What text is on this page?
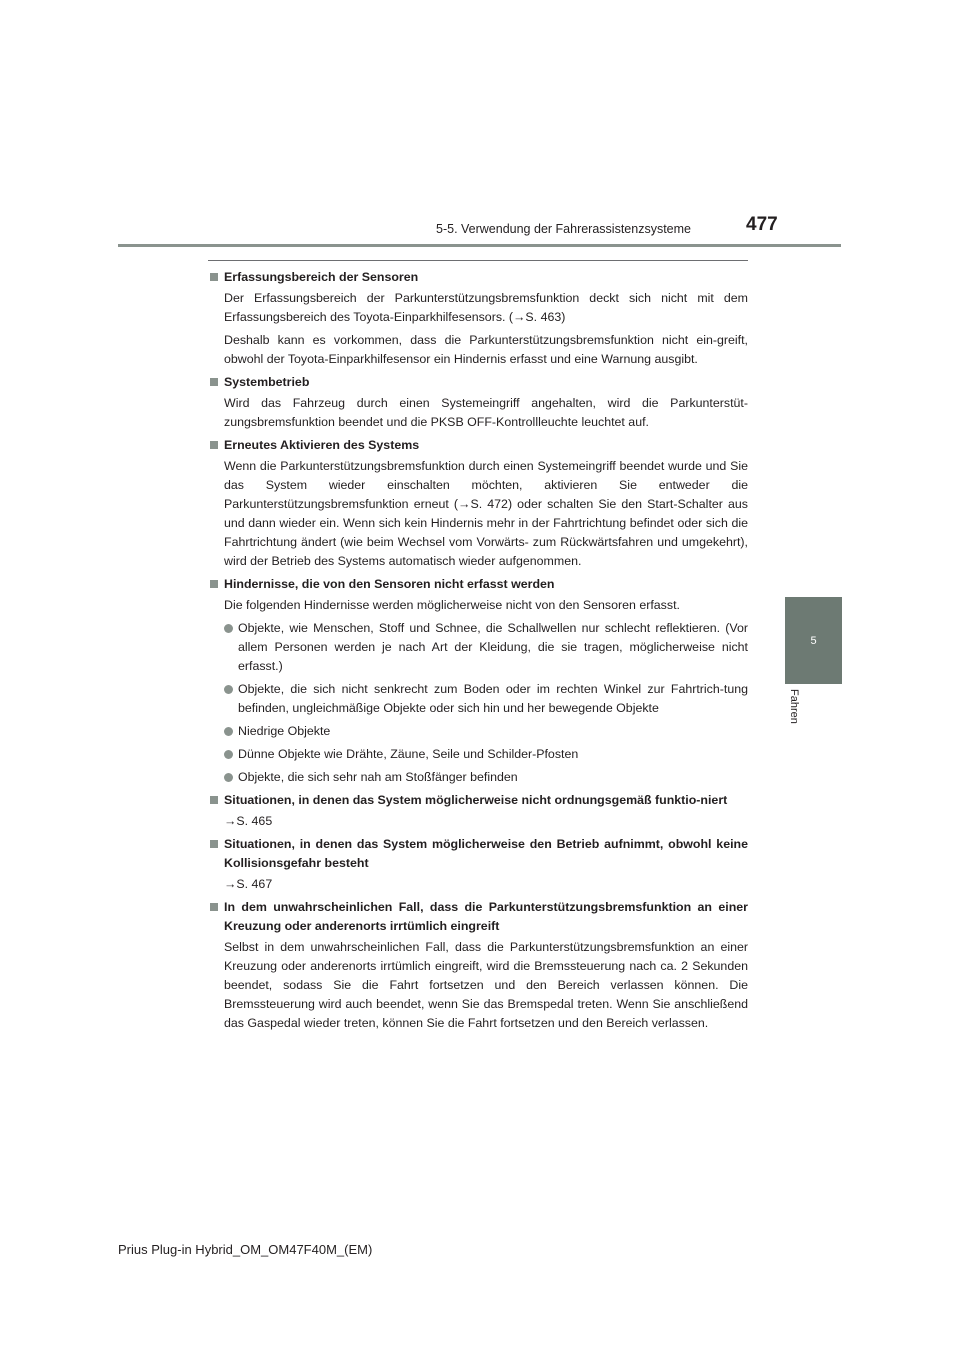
5-5. Verwendung der Fahrerassistenzsysteme	477
5
Fahren
Erfassungsbereich der Sensoren
Der Erfassungsbereich der Parkunterstützungsbremsfunktion deckt sich nicht mit dem Erfassungsbereich des Toyota-Einparkhilfesensors. (→S. 463)
Deshalb kann es vorkommen, dass die Parkunterstützungsbremsfunktion nicht ein-greift, obwohl der Toyota-Einparkhilfesensor ein Hindernis erfasst und eine Warnung ausgibt.
Systembetrieb
Wird das Fahrzeug durch einen Systemeingriff angehalten, wird die Parkunterstüt-zungsbremsfunktion beendet und die PKSB OFF-Kontrollleuchte leuchtet auf.
Erneutes Aktivieren des Systems
Wenn die Parkunterstützungsbremsfunktion durch einen Systemeingriff beendet wurde und Sie das System wieder einschalten möchten, aktivieren Sie entweder die Parkunterstützungsbremsfunktion erneut (→S. 472) oder schalten Sie den Start-Schalter aus und dann wieder ein. Wenn sich kein Hindernis mehr in der Fahrtrichtung befindet oder sich die Fahrtrichtung ändert (wie beim Wechsel vom Vorwärts- zum Rückwärtsfahren und umgekehrt), wird der Betrieb des Systems automatisch wieder aufgenommen.
Hindernisse, die von den Sensoren nicht erfasst werden
Die folgenden Hindernisse werden möglicherweise nicht von den Sensoren erfasst.
Objekte, wie Menschen, Stoff und Schnee, die Schallwellen nur schlecht reflektieren. (Vor allem Personen werden je nach Art der Kleidung, die sie tragen, möglicherweise nicht erfasst.)
Objekte, die sich nicht senkrecht zum Boden oder im rechten Winkel zur Fahrtrich-tung befinden, ungleichmäßige Objekte oder sich hin und her bewegende Objekte
Niedrige Objekte
Dünne Objekte wie Drähte, Zäune, Seile und Schilder-Pfosten
Objekte, die sich sehr nah am Stoßfänger befinden
Situationen, in denen das System möglicherweise nicht ordnungsgemäß funktio-niert
→S. 465
Situationen, in denen das System möglicherweise den Betrieb aufnimmt, obwohl keine Kollisionsgefahr besteht
→S. 467
In dem unwahrscheinlichen Fall, dass die Parkunterstützungsbremsfunktion an einer Kreuzung oder anderenorts irrtümlich eingreift
Selbst in dem unwahrscheinlichen Fall, dass die Parkunterstützungsbremsfunktion an einer Kreuzung oder anderenorts irrtümlich eingreift, wird die Bremssteuerung nach ca. 2 Sekunden beendet, sodass Sie die Fahrt fortsetzen und den Bereich verlassen können. Die Bremssteuerung wird auch beendet, wenn Sie das Bremspedal treten. Wenn Sie anschließend das Gaspedal wieder treten, können Sie die Fahrt fortsetzen und den Bereich verlassen.
Prius Plug-in Hybrid_OM_OM47F40M_(EM)
